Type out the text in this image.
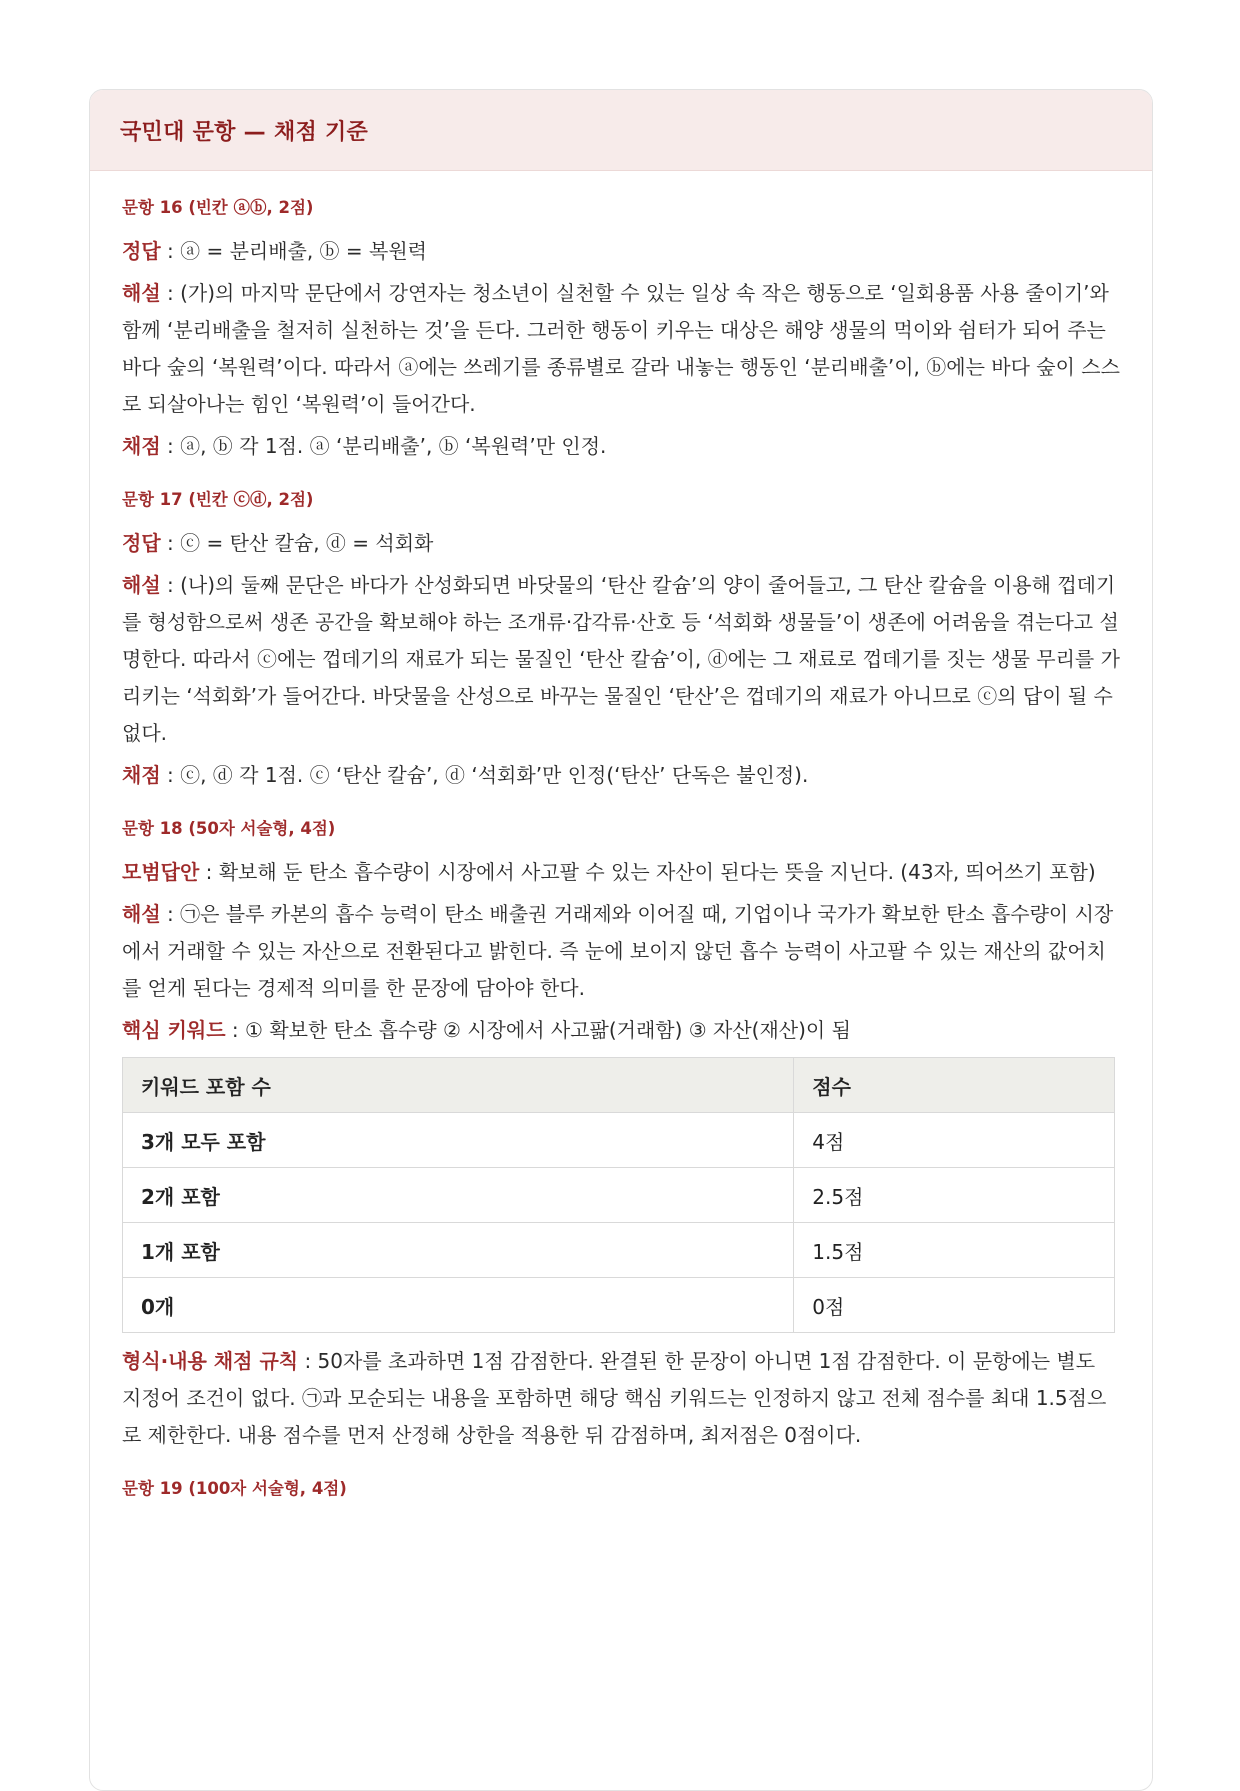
국민대 문항 — 채점 기준
문항 16 (빈칸 ⓐⓑ, 2점)

정답 : ⓐ = 분리배출, ⓑ = 복원력

해설 : (가)의 마지막 문단에서 강연자는 청소년이 실천할 수 있는 일상 속 작은 행동으로 ‘일회용품 사용 줄이기’와 함께 ‘분리배출을 철저히 실천하는 것’을 든다. 그러한 행동이 키우는 대상은 해양 생물의 먹이와 쉼터가 되어 주는 바다 숲의 ‘복원력’이다. 따라서 ⓐ에는 쓰레기를 종류별로 갈라 내놓는 행동인 ‘분리배출’이, ⓑ에는 바다 숲이 스스로 되살아나는 힘인 ‘복원력’이 들어간다.

채점 : ⓐ, ⓑ 각 1점. ⓐ ‘분리배출’, ⓑ ‘복원력’만 인정.

문항 17 (빈칸 ⓒⓓ, 2점)

정답 : ⓒ = 탄산 칼슘, ⓓ = 석회화

해설 : (나)의 둘째 문단은 바다가 산성화되면 바닷물의 ‘탄산 칼슘’의 양이 줄어들고, 그 탄산 칼슘을 이용해 껍데기를 형성함으로써 생존 공간을 확보해야 하는 조개류·갑각류·산호 등 ‘석회화 생물들’이 생존에 어려움을 겪는다고 설명한다. 따라서 ⓒ에는 껍데기의 재료가 되는 물질인 ‘탄산 칼슘’이, ⓓ에는 그 재료로 껍데기를 짓는 생물 무리를 가리키는 ‘석회화’가 들어간다. 바닷물을 산성으로 바꾸는 물질인 ‘탄산’은 껍데기의 재료가 아니므로 ⓒ의 답이 될 수 없다.

채점 : ⓒ, ⓓ 각 1점. ⓒ ‘탄산 칼슘’, ⓓ ‘석회화’만 인정(‘탄산’ 단독은 불인정).

문항 18 (50자 서술형, 4점)

모범답안 : 확보해 둔 탄소 흡수량이 시장에서 사고팔 수 있는 자산이 된다는 뜻을 지닌다. (43자, 띄어쓰기 포함)

해설 : ㉠은 블루 카본의 흡수 능력이 탄소 배출권 거래제와 이어질 때, 기업이나 국가가 확보한 탄소 흡수량이 시장에서 거래할 수 있는 자산으로 전환된다고 밝힌다. 즉 눈에 보이지 않던 흡수 능력이 사고팔 수 있는 재산의 값어치를 얻게 된다는 경제적 의미를 한 문장에 담아야 한다.

핵심 키워드 : ① 확보한 탄소 흡수량 ② 시장에서 사고팖(거래함) ③ 자산(재산)이 됨

키워드 포함 수	점수
3개 모두 포함	4점
2개 포함	2.5점
1개 포함	1.5점
0개	0점

형식·내용 채점 규칙 : 50자를 초과하면 1점 감점한다. 완결된 한 문장이 아니면 1점 감점한다. 이 문항에는 별도 지정어 조건이 없다. ㉠과 모순되는 내용을 포함하면 해당 핵심 키워드는 인정하지 않고 전체 점수를 최대 1.5점으로 제한한다. 내용 점수를 먼저 산정해 상한을 적용한 뒤 감점하며, 최저점은 0점이다.

문항 19 (100자 서술형, 4점)
